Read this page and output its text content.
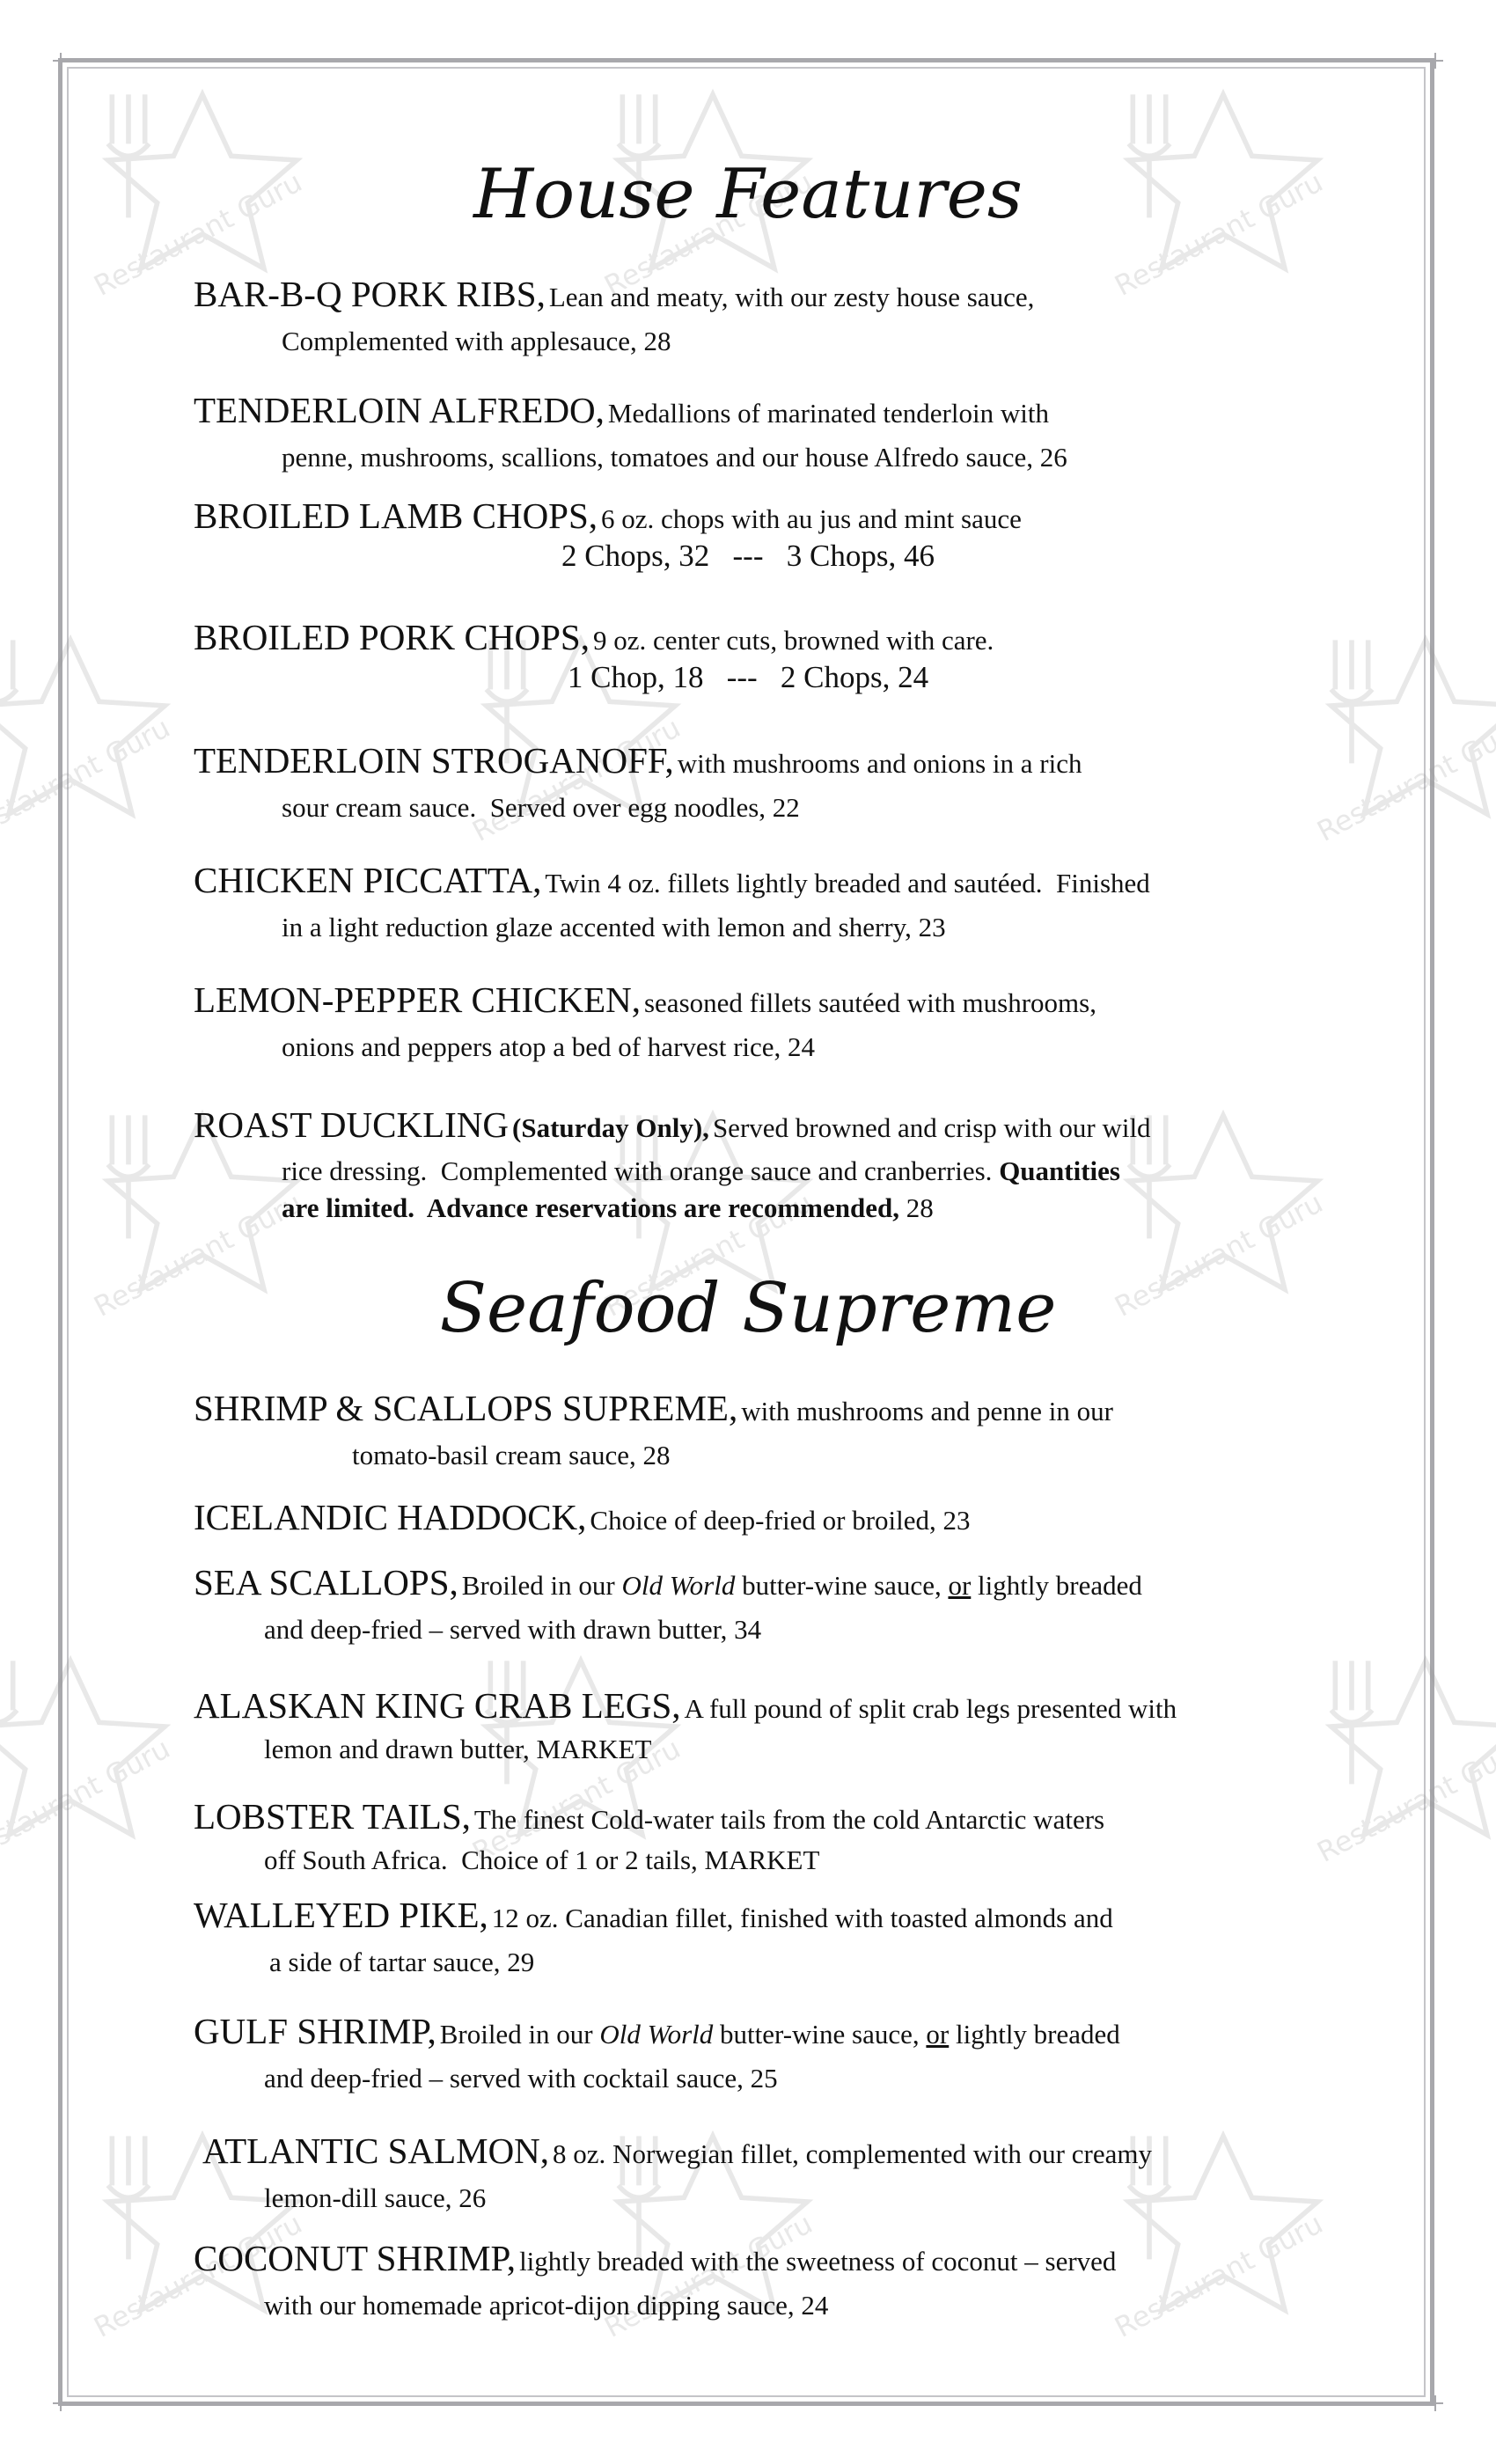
House Features
BAR-B-Q PORK RIBS, Lean and meaty, with our zesty house sauce,
Complemented with applesauce, 28
TENDERLOIN ALFREDO, Medallions of marinated tenderloin with
penne, mushrooms, scallions, tomatoes and our house Alfredo sauce, 26
BROILED LAMB CHOPS, 6 oz. chops with au jus and mint sauce
2 Chops, 32   ---   3 Chops, 46
BROILED PORK CHOPS, 9 oz. center cuts, browned with care.
1 Chop, 18   ---   2 Chops, 24
TENDERLOIN STROGANOFF, with mushrooms and onions in a rich
sour cream sauce.  Served over egg noodles, 22
CHICKEN PICCATTA, Twin 4 oz. fillets lightly breaded and sautéed.  Finished
in a light reduction glaze accented with lemon and sherry, 23
LEMON-PEPPER CHICKEN, seasoned fillets sautéed with mushrooms,
onions and peppers atop a bed of harvest rice, 24
ROAST DUCKLING (Saturday Only), Served browned and crisp with our wild
rice dressing.  Complemented with orange sauce and cranberries. Quantities
are limited.  Advance reservations are recommended, 28
Seafood Supreme
SHRIMP & SCALLOPS SUPREME, with mushrooms and penne in our
tomato-basil cream sauce, 28
ICELANDIC HADDOCK, Choice of deep-fried or broiled, 23
SEA SCALLOPS, Broiled in our Old World butter-wine sauce, or lightly breaded
and deep-fried – served with drawn butter, 34
ALASKAN KING CRAB LEGS, A full pound of split crab legs presented with
lemon and drawn butter, MARKET
LOBSTER TAILS, The finest Cold-water tails from the cold Antarctic waters
off South Africa.  Choice of 1 or 2 tails, MARKET
WALLEYED PIKE, 12 oz. Canadian fillet, finished with toasted almonds and
a side of tartar sauce, 29
GULF SHRIMP, Broiled in our Old World butter-wine sauce, or lightly breaded
and deep-fried – served with cocktail sauce, 25
ATLANTIC SALMON, 8 oz. Norwegian fillet, complemented with our creamy
lemon-dill sauce, 26
COCONUT SHRIMP, lightly breaded with the sweetness of coconut – served
with our homemade apricot-dijon dipping sauce, 24
